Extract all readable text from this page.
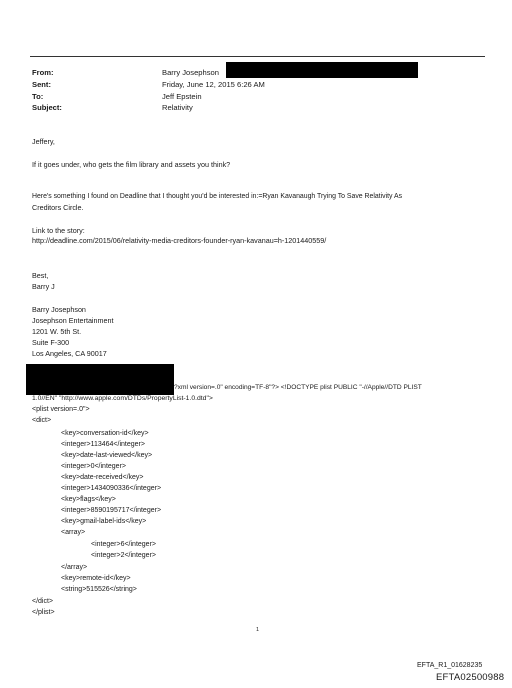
From:	Barry Josephson
Sent:	Friday, June 12, 2015 6:26 AM
To:	Jeff Epstein
Subject:	Relativity
Jeffery,
If it goes under, who gets the film library and assets you think?
Here's something I found on Deadline that I thought you'd be interested in:=Ryan Kavanaugh Trying To Save Relativity As
Creditors Circle.
Link to the story:
http://deadline.com/2015/06/relativity-media-creditors-founder-ryan-kavanau=h-1201440559/
Best,
Barry J
Barry Josephson
Josephson Entertainment
1201 W. 5th St.
Suite F-300
Los Angeles, CA 90017
?xml version=.0" encoding=TF-8"?> <!DOCTYPE plist PUBLIC "-//Apple//DTD PLIST
1.0//EN" "http://www.apple.com/DTDs/PropertyList-1.0.dtd">
<plist version=.0">
<dict>
<key>conversation-id</key>
<integer>113464</integer>
<key>date-last-viewed</key>
<integer>0</integer>
<key>date-received</key>
<integer>1434090336</integer>
<key>flags</key>
<integer>8590195717</integer>
<key>gmail-label-ids</key>
<array>
<integer>6</integer>
<integer>2</integer>
</array>
<key>remote-id</key>
<string>515526</string>
</dict>
</plist>
1
EFTA_R1_01628235
EFTA02500988
